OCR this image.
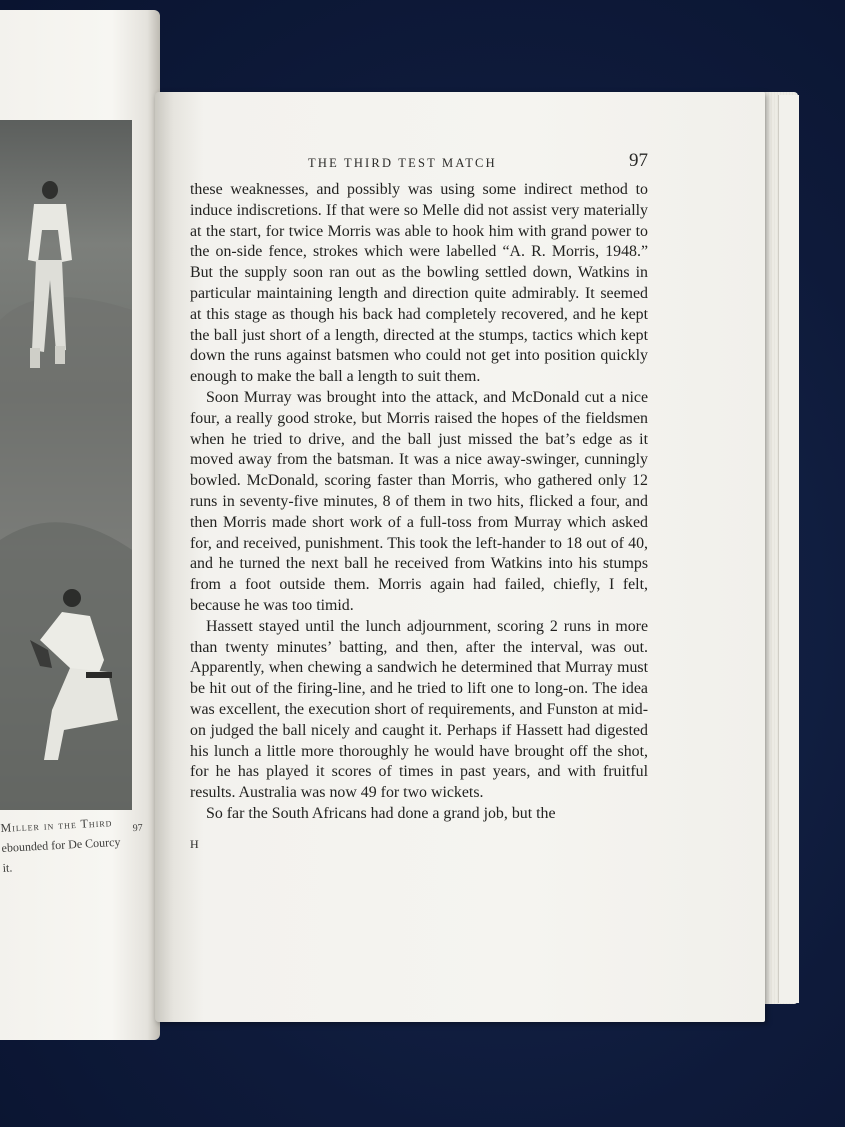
Miller in the Third
ebounded for De Courcy
it.
97
THE THIRD TEST MATCH	97

these weaknesses, and possibly was using some indirect method to induce indiscretions. If that were so Melle did not assist very materially at the start, for twice Morris was able to hook him with grand power to the on-side fence, strokes which were labelled “A. R. Morris, 1948.” But the supply soon ran out as the bowling settled down, Watkins in particular maintaining length and direction quite admirably. It seemed at this stage as though his back had completely recovered, and he kept the ball just short of a length, directed at the stumps, tactics which kept down the runs against batsmen who could not get into position quickly enough to make the ball a length to suit them.

Soon Murray was brought into the attack, and McDonald cut a nice four, a really good stroke, but Morris raised the hopes of the fieldsmen when he tried to drive, and the ball just missed the bat’s edge as it moved away from the batsman. It was a nice away-swinger, cunningly bowled. McDonald, scoring faster than Morris, who gathered only 12 runs in seventy-five minutes, 8 of them in two hits, flicked a four, and then Morris made short work of a full-toss from Murray which asked for, and received, punishment. This took the left-hander to 18 out of 40, and he turned the next ball he received from Watkins into his stumps from a foot outside them. Morris again had failed, chiefly, I felt, because he was too timid.

Hassett stayed until the lunch adjournment, scoring 2 runs in more than twenty minutes’ batting, and then, after the interval, was out. Apparently, when chewing a sandwich he determined that Murray must be hit out of the firing-line, and he tried to lift one to long-on. The idea was excellent, the execution short of requirements, and Funston at mid-on judged the ball nicely and caught it. Perhaps if Hassett had digested his lunch a little more thoroughly he would have brought off the shot, for he has played it scores of times in past years, and with fruitful results. Australia was now 49 for two wickets.

So far the South Africans had done a grand job, but the

H
